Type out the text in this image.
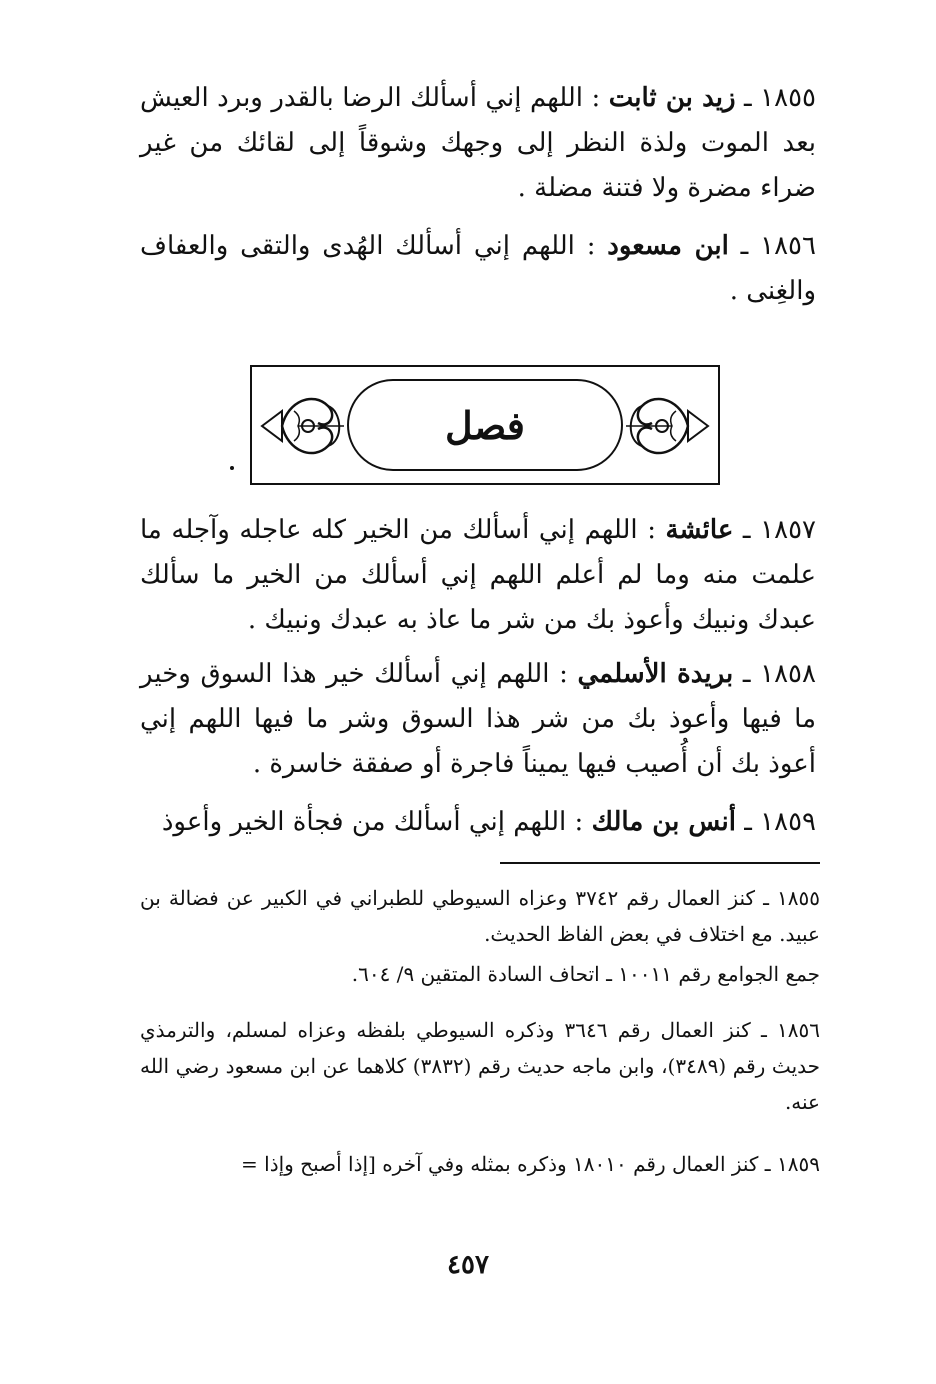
١٨٥٥ ـ زيد بن ثابت : اللهم إني أسألك الرضا بالقدر وبرد العيش بعد الموت ولذة النظر إلى وجهك وشوقاً إلى لقائك من غير ضراء مضرة ولا فتنة مضلة .
١٨٥٦ ـ ابن مسعود : اللهم إني أسألك الهُدى والتقى والعفاف والغِنى .
فصل
١٨٥٧ ـ عائشة : اللهم إني أسألك من الخير كله عاجله وآجله ما علمت منه وما لم أعلم اللهم إني أسألك من الخير ما سألك عبدك ونبيك وأعوذ بك من شر ما عاذ به عبدك ونبيك .
١٨٥٨ ـ بريدة الأسلمي : اللهم إني أسألك خير هذا السوق وخير ما فيها وأعوذ بك من شر هذا السوق وشر ما فيها اللهم إني أعوذ بك أن أُصيب فيها يميناً فاجرة أو صفقة خاسرة .
١٨٥٩ ـ أنس بن مالك : اللهم إني أسألك من فجأة الخير وأعوذ
١٨٥٥ ـ كنز العمال رقم ٣٧٤٢ وعزاه السيوطي للطبراني في الكبير عن فضالة بن عبيد. مع اختلاف في بعض الفاظ الحديث.
جمع الجوامع رقم ١٠٠١١ ـ اتحاف السادة المتقين ٩/ ٦٠٤.
١٨٥٦ ـ كنز العمال رقم ٣٦٤٦ وذكره السيوطي بلفظه وعزاه لمسلم، والترمذي حديث رقم (٣٤٨٩)، وابن ماجه حديث رقم (٣٨٣٢) كلاهما عن ابن مسعود رضي الله عنه.
١٨٥٩ ـ كنز العمال رقم ١٨٠١٠ وذكره بمثله وفي آخره [إذا أصبح وإذا =
٤٥٧
